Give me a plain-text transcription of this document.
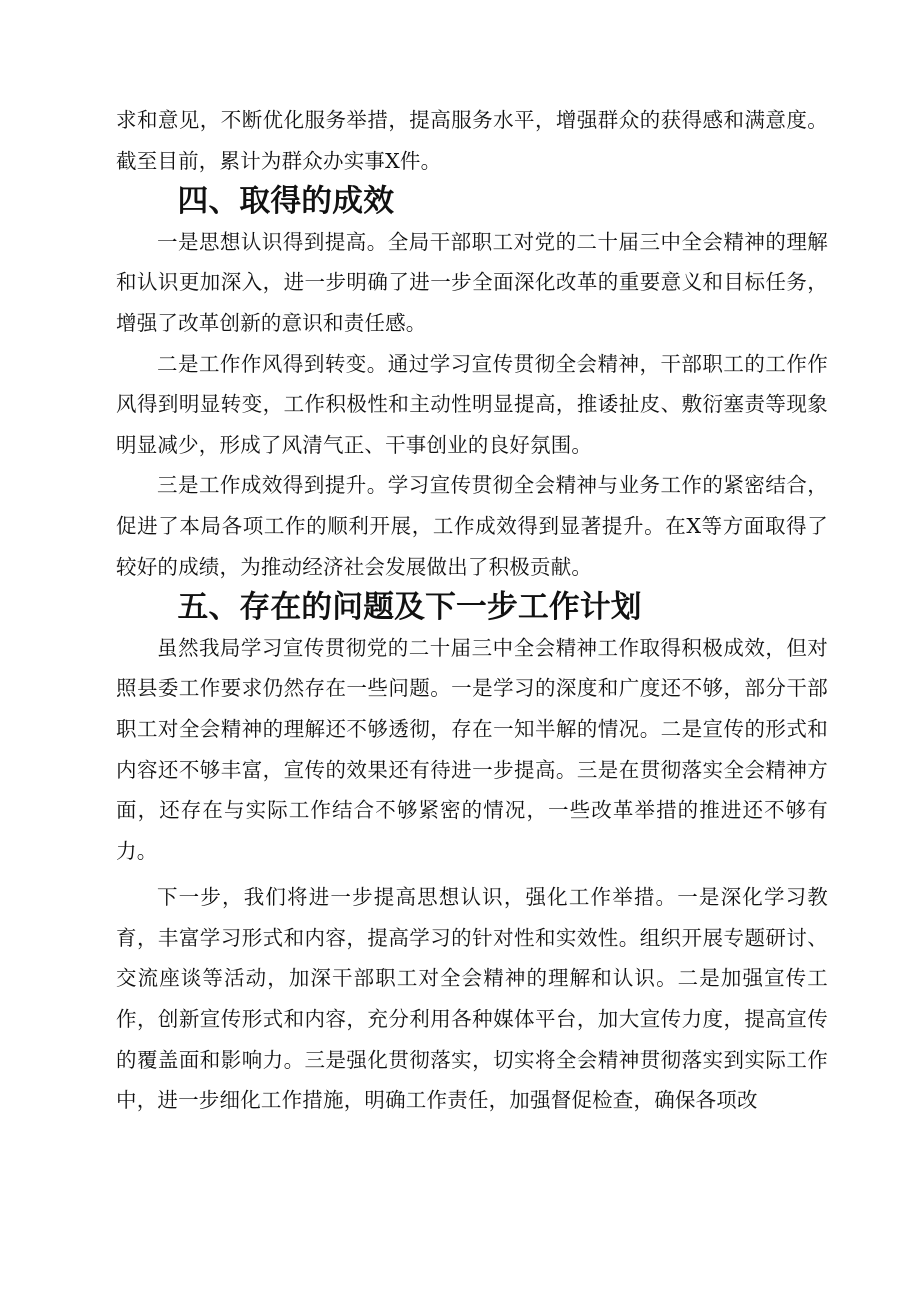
求和意见，不断优化服务举措，提高服务水平，增强群众的获得感和满意度。截至目前，累计为群众办实事X件。

四、取得的成效

一是思想认识得到提高。全局干部职工对党的二十届三中全会精神的理解和认识更加深入，进一步明确了进一步全面深化改革的重要意义和目标任务，增强了改革创新的意识和责任感。

二是工作作风得到转变。通过学习宣传贯彻全会精神，干部职工的工作作风得到明显转变，工作积极性和主动性明显提高，推诿扯皮、敷衍塞责等现象明显减少，形成了风清气正、干事创业的良好氛围。

三是工作成效得到提升。学习宣传贯彻全会精神与业务工作的紧密结合，促进了本局各项工作的顺利开展，工作成效得到显著提升。在X等方面取得了较好的成绩，为推动经济社会发展做出了积极贡献。

五、存在的问题及下一步工作计划

虽然我局学习宣传贯彻党的二十届三中全会精神工作取得积极成效，但对照县委工作要求仍然存在一些问题。一是学习的深度和广度还不够，部分干部职工对全会精神的理解还不够透彻，存在一知半解的情况。二是宣传的形式和内容还不够丰富，宣传的效果还有待进一步提高。三是在贯彻落实全会精神方面，还存在与实际工作结合不够紧密的情况，一些改革举措的推进还不够有力。

下一步，我们将进一步提高思想认识，强化工作举措。一是深化学习教育，丰富学习形式和内容，提高学习的针对性和实效性。组织开展专题研讨、交流座谈等活动，加深干部职工对全会精神的理解和认识。二是加强宣传工作，创新宣传形式和内容，充分利用各种媒体平台，加大宣传力度，提高宣传的覆盖面和影响力。三是强化贯彻落实，切实将全会精神贯彻落实到实际工作中，进一步细化工作措施，明确工作责任，加强督促检查，确保各项改
